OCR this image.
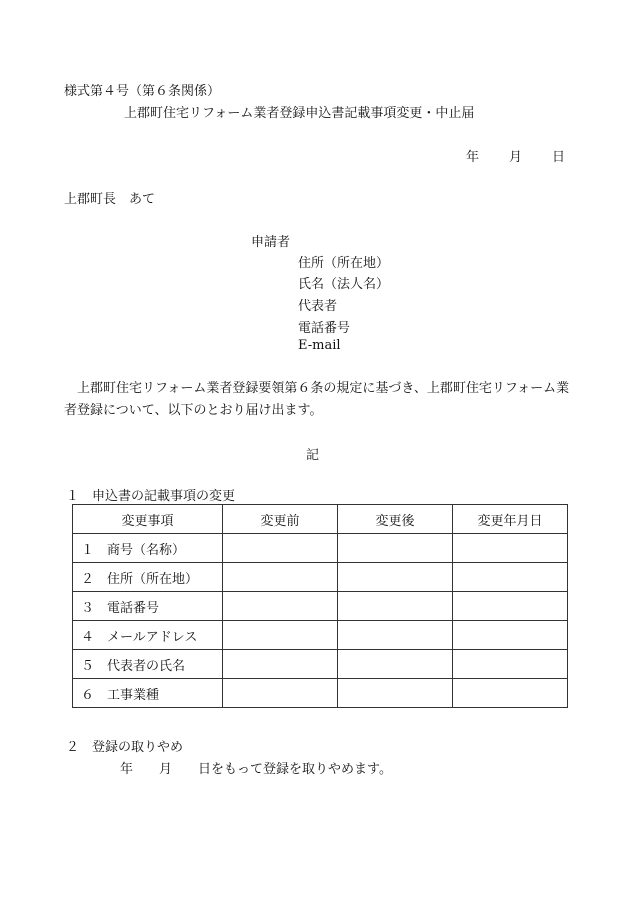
様式第４号（第６条関係）
上郡町住宅リフォーム業者登録申込書記載事項変更・中止届
年 月 日
上郡町長　あて
申請者
住所（所在地）
氏名（法人名）
代表者
電話番号
E-mail
上郡町住宅リフォーム業者登録要領第６条の規定に基づき、上郡町住宅リフォーム業者登録について、以下のとおり届け出ます。
記
１　申込書の記載事項の変更
変更事項	変更前	変更後	変更年月日
１ 商号（名称）			
２ 住所（所在地）			
３ 電話番号			
４ メールアドレス			
５ 代表者の氏名			
６ 工事業種			
２　登録の取りやめ
年 月 日をもって登録を取りやめます。
